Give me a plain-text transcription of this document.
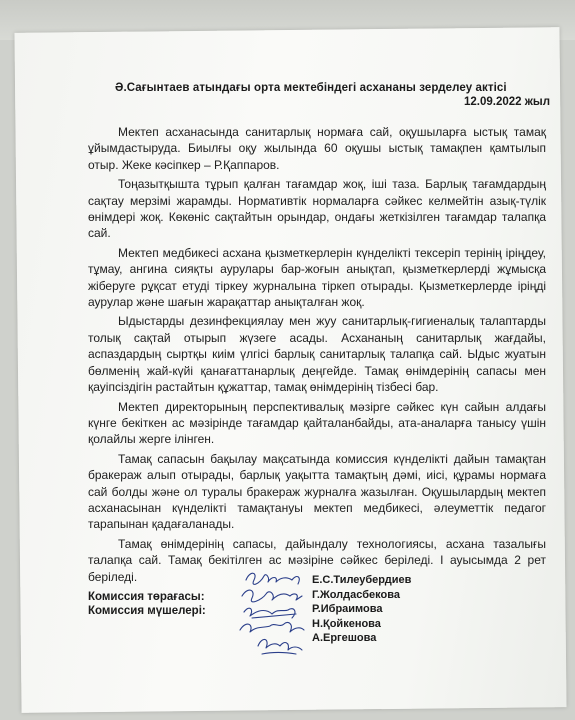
Ә.Сағынтаев атындағы орта мектебіндегі асхананы зерделеу актісі
12.09.2022 жыл

Мектеп асханасында санитарлық нормаға сай, оқушыларға ыстық тамақ ұйымдастыруда. Биылғы оқу жылында 60 оқушы ыстық тамақпен қамтылып отыр. Жеке кәсіпкер – Р.Қаппаров.

Тоңазытқышта тұрып қалған тағамдар жоқ, іші таза. Барлық тағамдардың сақтау мерзімі жарамды. Нормативтік нормаларға сәйкес келмейтін азық-түлік өнімдері жоқ. Көкөніс сақтайтын орындар, ондағы жеткізілген тағамдар талапқа сай.

Мектеп медбикесі асхана қызметкерлерін күнделікті тексеріп терінің іріңдеу, тұмау, ангина сияқты аурулары бар-жоғын анықтап, қызметкерлерді жұмысқа жіберуге рұқсат етуді тіркеу журналына тіркеп отырады. Қызметкерлерде іріңді аурулар және шағын жарақаттар анықталған жоқ.

Ыдыстарды дезинфекциялау мен жуу санитарлық-гигиеналық талаптарды толық сақтай отырып жүзеге асады. Асхананың санитарлық жағдайы, аспаздардың сыртқы киім үлгісі барлық санитарлық талапқа сай. Ыдыс жуатын бөлменің жай-күйі қанағаттанарлық деңгейде. Тамақ өнімдерінің сапасы мен қауіпсіздігін растайтын құжаттар, тамақ өнімдерінің тізбесі бар.

Мектеп директорының перспективалық мәзірге сәйкес күн сайын алдағы күнге бекіткен ас мәзірінде тағамдар қайталанбайды, ата-аналарға танысу үшін қолайлы жерге ілінген.

Тамақ сапасын бақылау мақсатында комиссия күнделікті дайын тамақтан бракераж алып отырады, барлық уақытта тамақтың дәмі, иісі, құрамы нормаға сай болды және ол туралы бракераж журналға жазылған. Оқушылардың мектеп асханасынан күнделікті тамақтануы мектеп медбикесі, әлеуметтік педагог тарапынан қадағаланады.

Тамақ өнімдерінің сапасы, дайындалу технологиясы, асхана тазалығы талапқа сай. Тамақ бекітілген ас мәзіріне сәйкес беріледі. І ауысымда 2 рет беріледі.

Комиссия төрағасы:
Комиссия мүшелері:
Е.С.Тилеубердиев
Г.Жолдасбекова
Р.Ибраимова
Н.Қойкенова
А.Ергешова
